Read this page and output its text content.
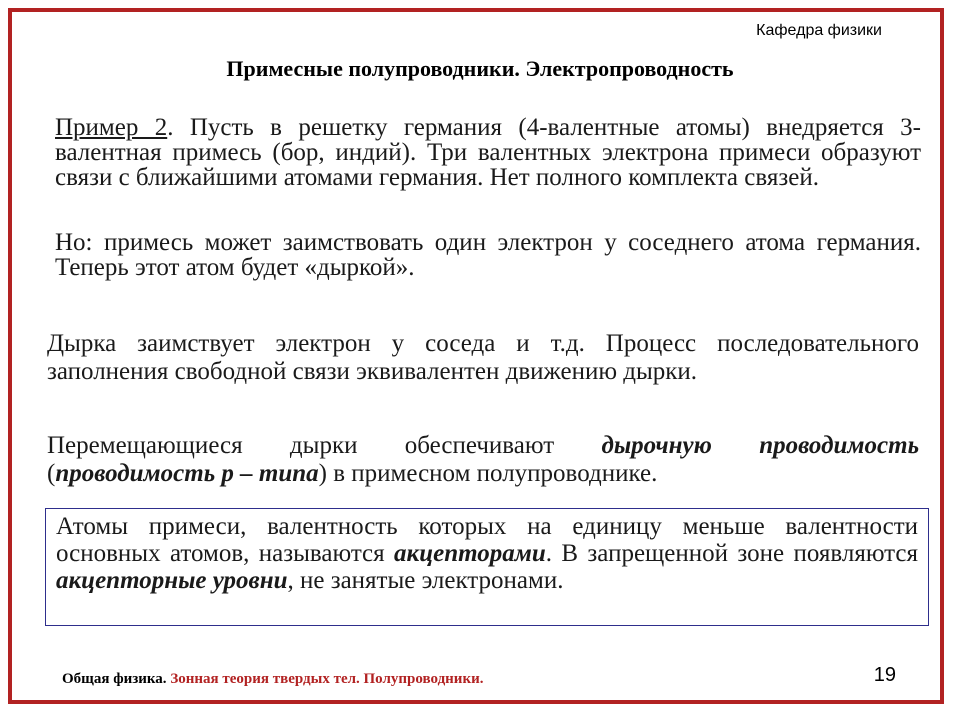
Кафедра физики
Примесные полупроводники. Электропроводность
Пример 2. Пусть в решетку германия (4-валентные атомы) внедряется 3-валентная примесь (бор, индий). Три валентных электрона примеси образуют связи с ближайшими атомами германия. Нет полного комплекта связей.
Но: примесь может заимствовать один электрон у соседнего атома германия. Теперь этот атом будет «дыркой».
Дырка заимствует электрон у соседа и т.д. Процесс последовательного заполнения свободной связи эквивалентен движению дырки.
Перемещающиеся дырки обеспечивают дырочную проводимость (проводимость p – типа) в примесном полупроводнике.
Атомы примеси, валентность которых на единицу меньше валентности основных атомов, называются акцепторами. В запрещенной зоне появляются акцепторные уровни, не занятые электронами.
Общая физика. Зонная теория твердых тел. Полупроводники.	19
